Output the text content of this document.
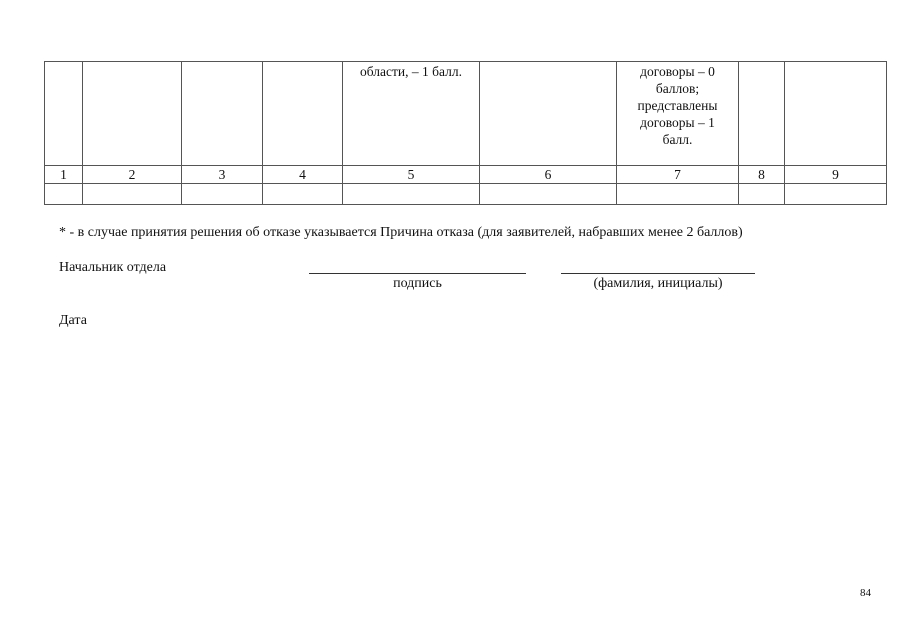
				области, – 1 балл.		договоры – 0 баллов; представлены договоры – 1 балл.		
1	2	3	4	5	6	7	8	9

* - в случае принятия решения об отказе указывается Причина отказа (для заявителей, набравших менее 2 баллов)
Начальник отдела
подпись	(фамилия, инициалы)
Дата
84
